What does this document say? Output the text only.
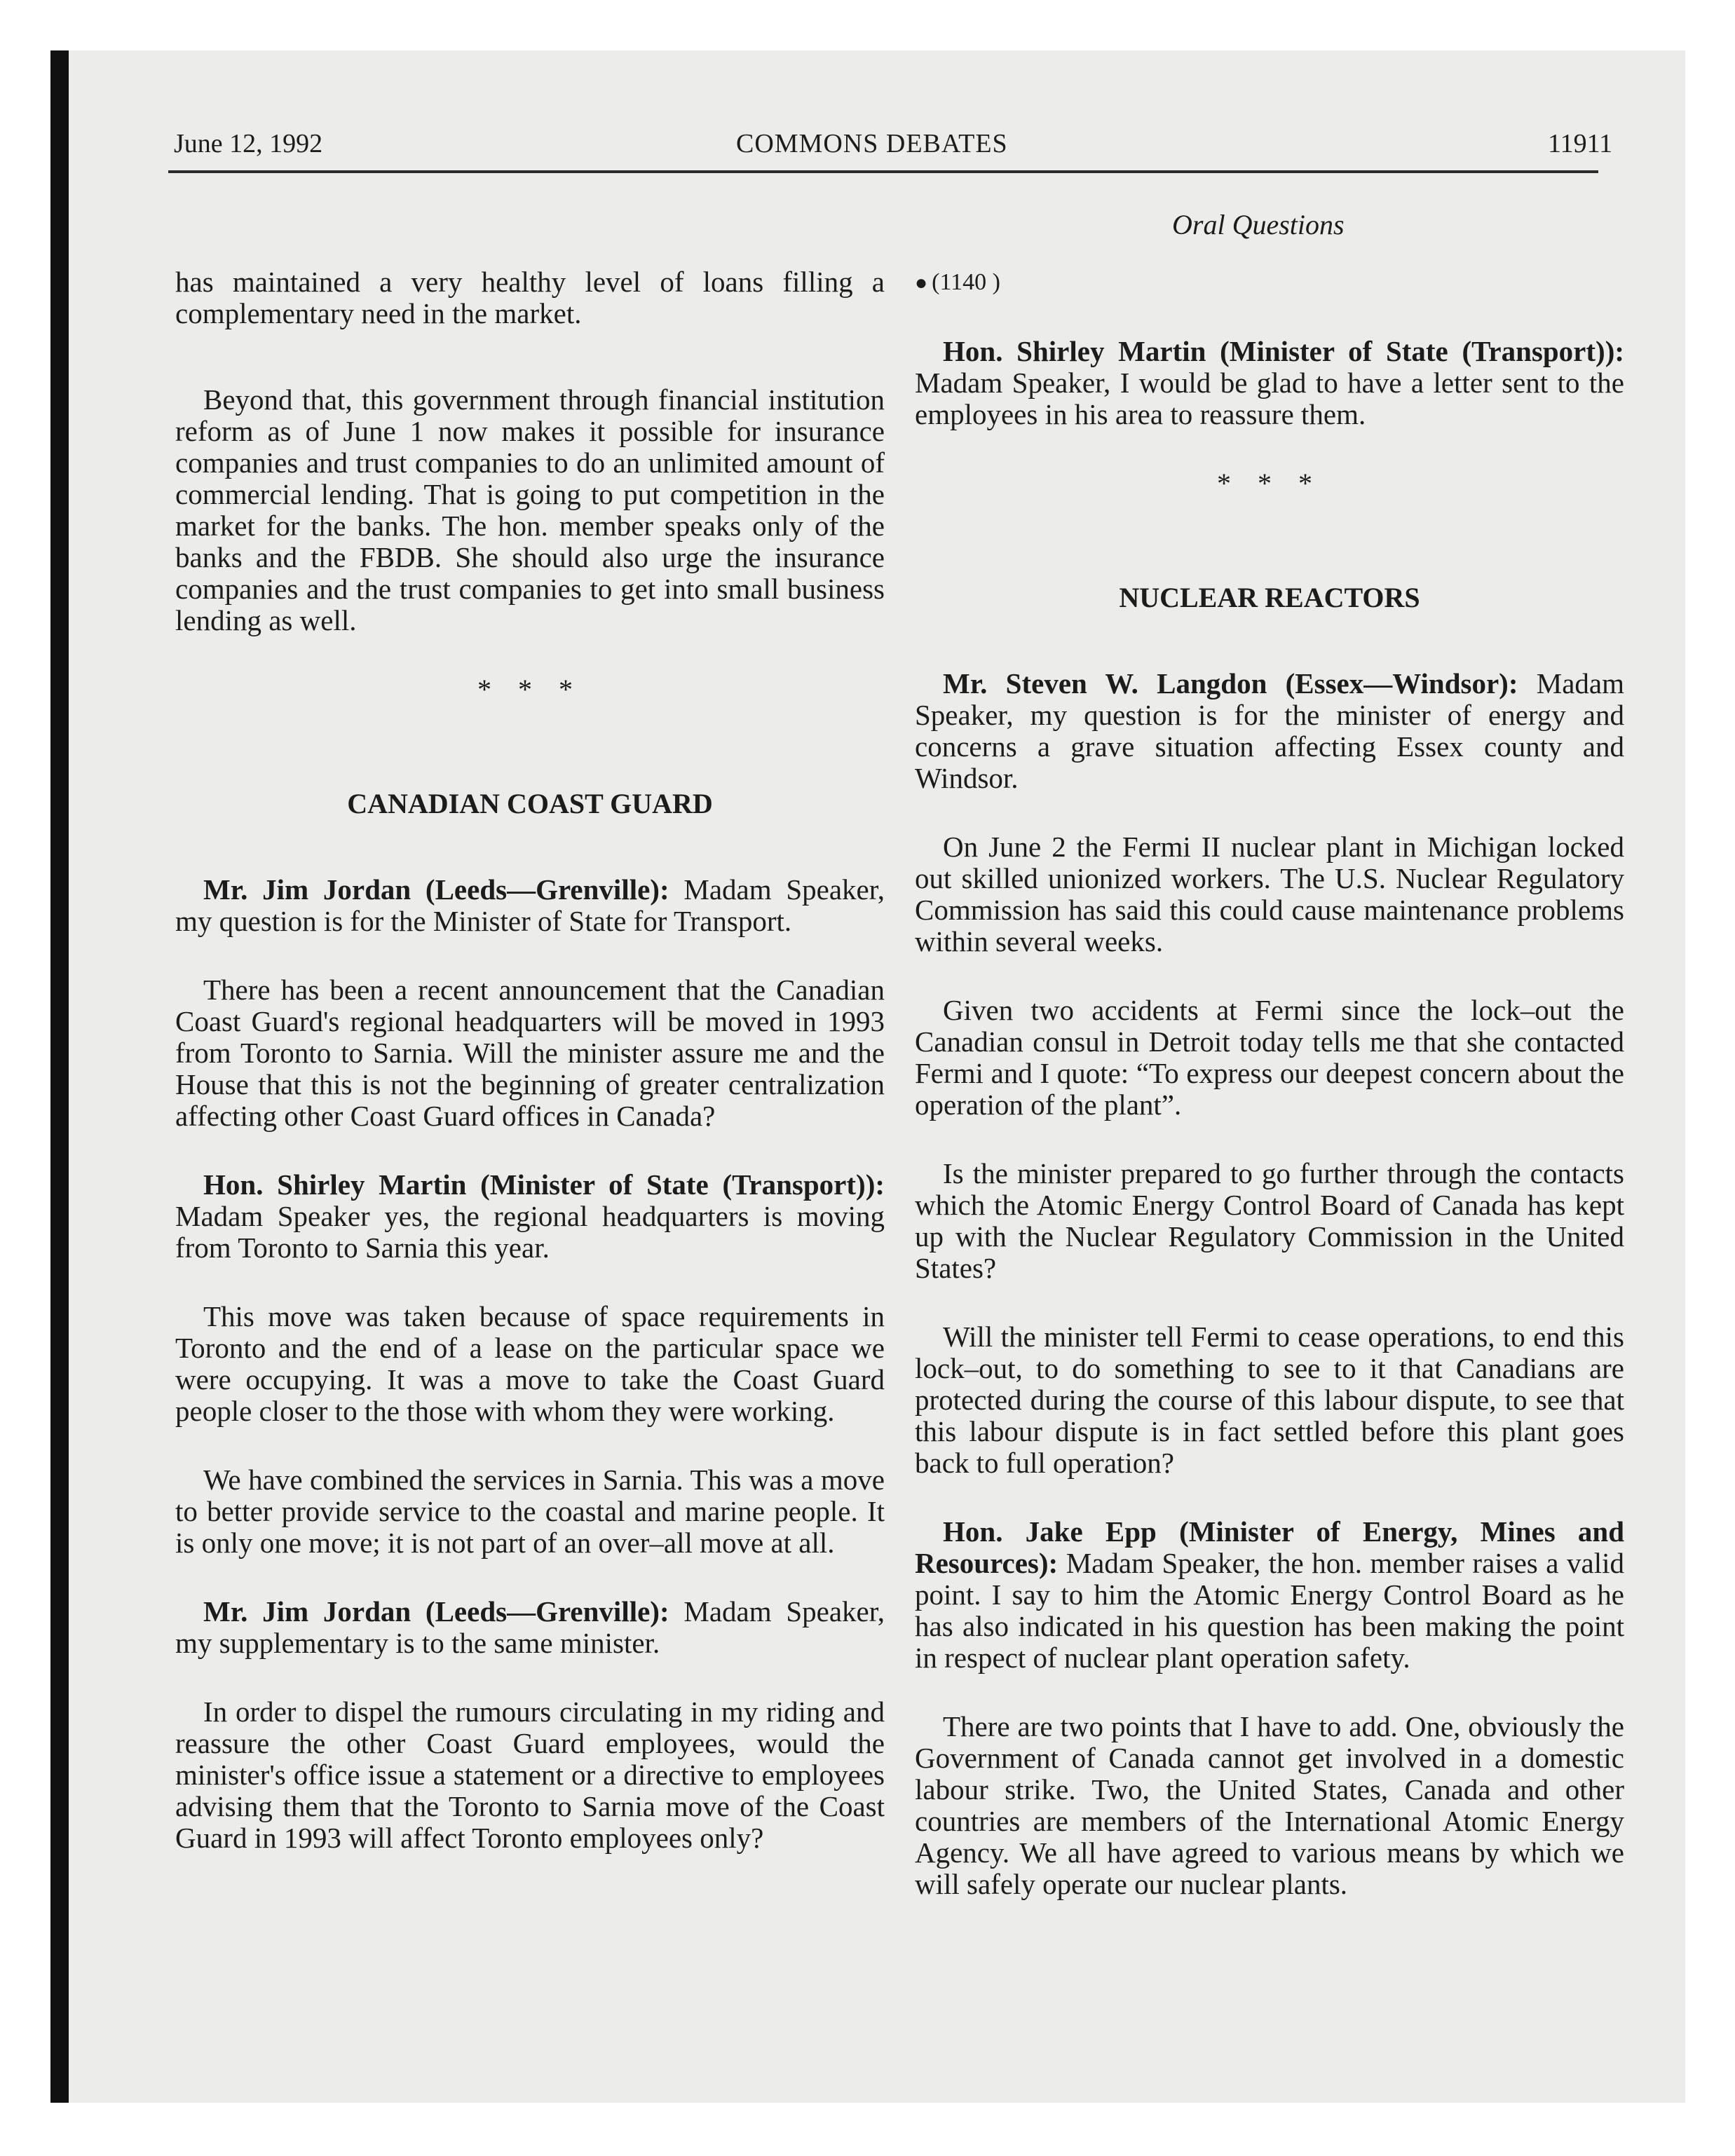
June 12, 1992	COMMONS DEBATES	11911
Oral Questions

has maintained a very healthy level of loans filling a complementary need in the market.

Beyond that, this government through financial institution reform as of June 1 now makes it possible for insurance companies and trust companies to do an unlimited amount of commercial lending. That is going to put competition in the market for the banks. The hon. member speaks only of the banks and the FBDB. She should also urge the insurance companies and the trust companies to get into small business lending as well.

* * *
CANADIAN COAST GUARD

Mr. Jim Jordan (Leeds—Grenville): Madam Speaker, my question is for the Minister of State for Transport.

There has been a recent announcement that the Canadian Coast Guard's regional headquarters will be moved in 1993 from Toronto to Sarnia. Will the minister assure me and the House that this is not the beginning of greater centralization affecting other Coast Guard offices in Canada?

Hon. Shirley Martin (Minister of State (Transport)): Madam Speaker yes, the regional headquarters is moving from Toronto to Sarnia this year.

This move was taken because of space requirements in Toronto and the end of a lease on the particular space we were occupying. It was a move to take the Coast Guard people closer to the those with whom they were working.

We have combined the services in Sarnia. This was a move to better provide service to the coastal and marine people. It is only one move; it is not part of an over–all move at all.

Mr. Jim Jordan (Leeds—Grenville): Madam Speaker, my supplementary is to the same minister.

In order to dispel the rumours circulating in my riding and reassure the other Coast Guard employees, would the minister's office issue a statement or a directive to employees advising them that the Toronto to Sarnia move of the Coast Guard in 1993 will affect Toronto employees only?

● (1140 )

Hon. Shirley Martin (Minister of State (Transport)): Madam Speaker, I would be glad to have a letter sent to the employees in his area to reassure them.

* * *
NUCLEAR REACTORS

Mr. Steven W. Langdon (Essex—Windsor): Madam Speaker, my question is for the minister of energy and concerns a grave situation affecting Essex county and Windsor.

On June 2 the Fermi II nuclear plant in Michigan locked out skilled unionized workers. The U.S. Nuclear Regulatory Commission has said this could cause maintenance problems within several weeks.

Given two accidents at Fermi since the lock–out the Canadian consul in Detroit today tells me that she contacted Fermi and I quote: “To express our deepest concern about the operation of the plant”.

Is the minister prepared to go further through the contacts which the Atomic Energy Control Board of Canada has kept up with the Nuclear Regulatory Commission in the United States?

Will the minister tell Fermi to cease operations, to end this lock–out, to do something to see to it that Canadians are protected during the course of this labour dispute, to see that this labour dispute is in fact settled before this plant goes back to full operation?

Hon. Jake Epp (Minister of Energy, Mines and Resources): Madam Speaker, the hon. member raises a valid point. I say to him the Atomic Energy Control Board as he has also indicated in his question has been making the point in respect of nuclear plant operation safety.

There are two points that I have to add. One, obviously the Government of Canada cannot get involved in a domestic labour strike. Two, the United States, Canada and other countries are members of the International Atomic Energy Agency. We all have agreed to various means by which we will safely operate our nuclear plants.
